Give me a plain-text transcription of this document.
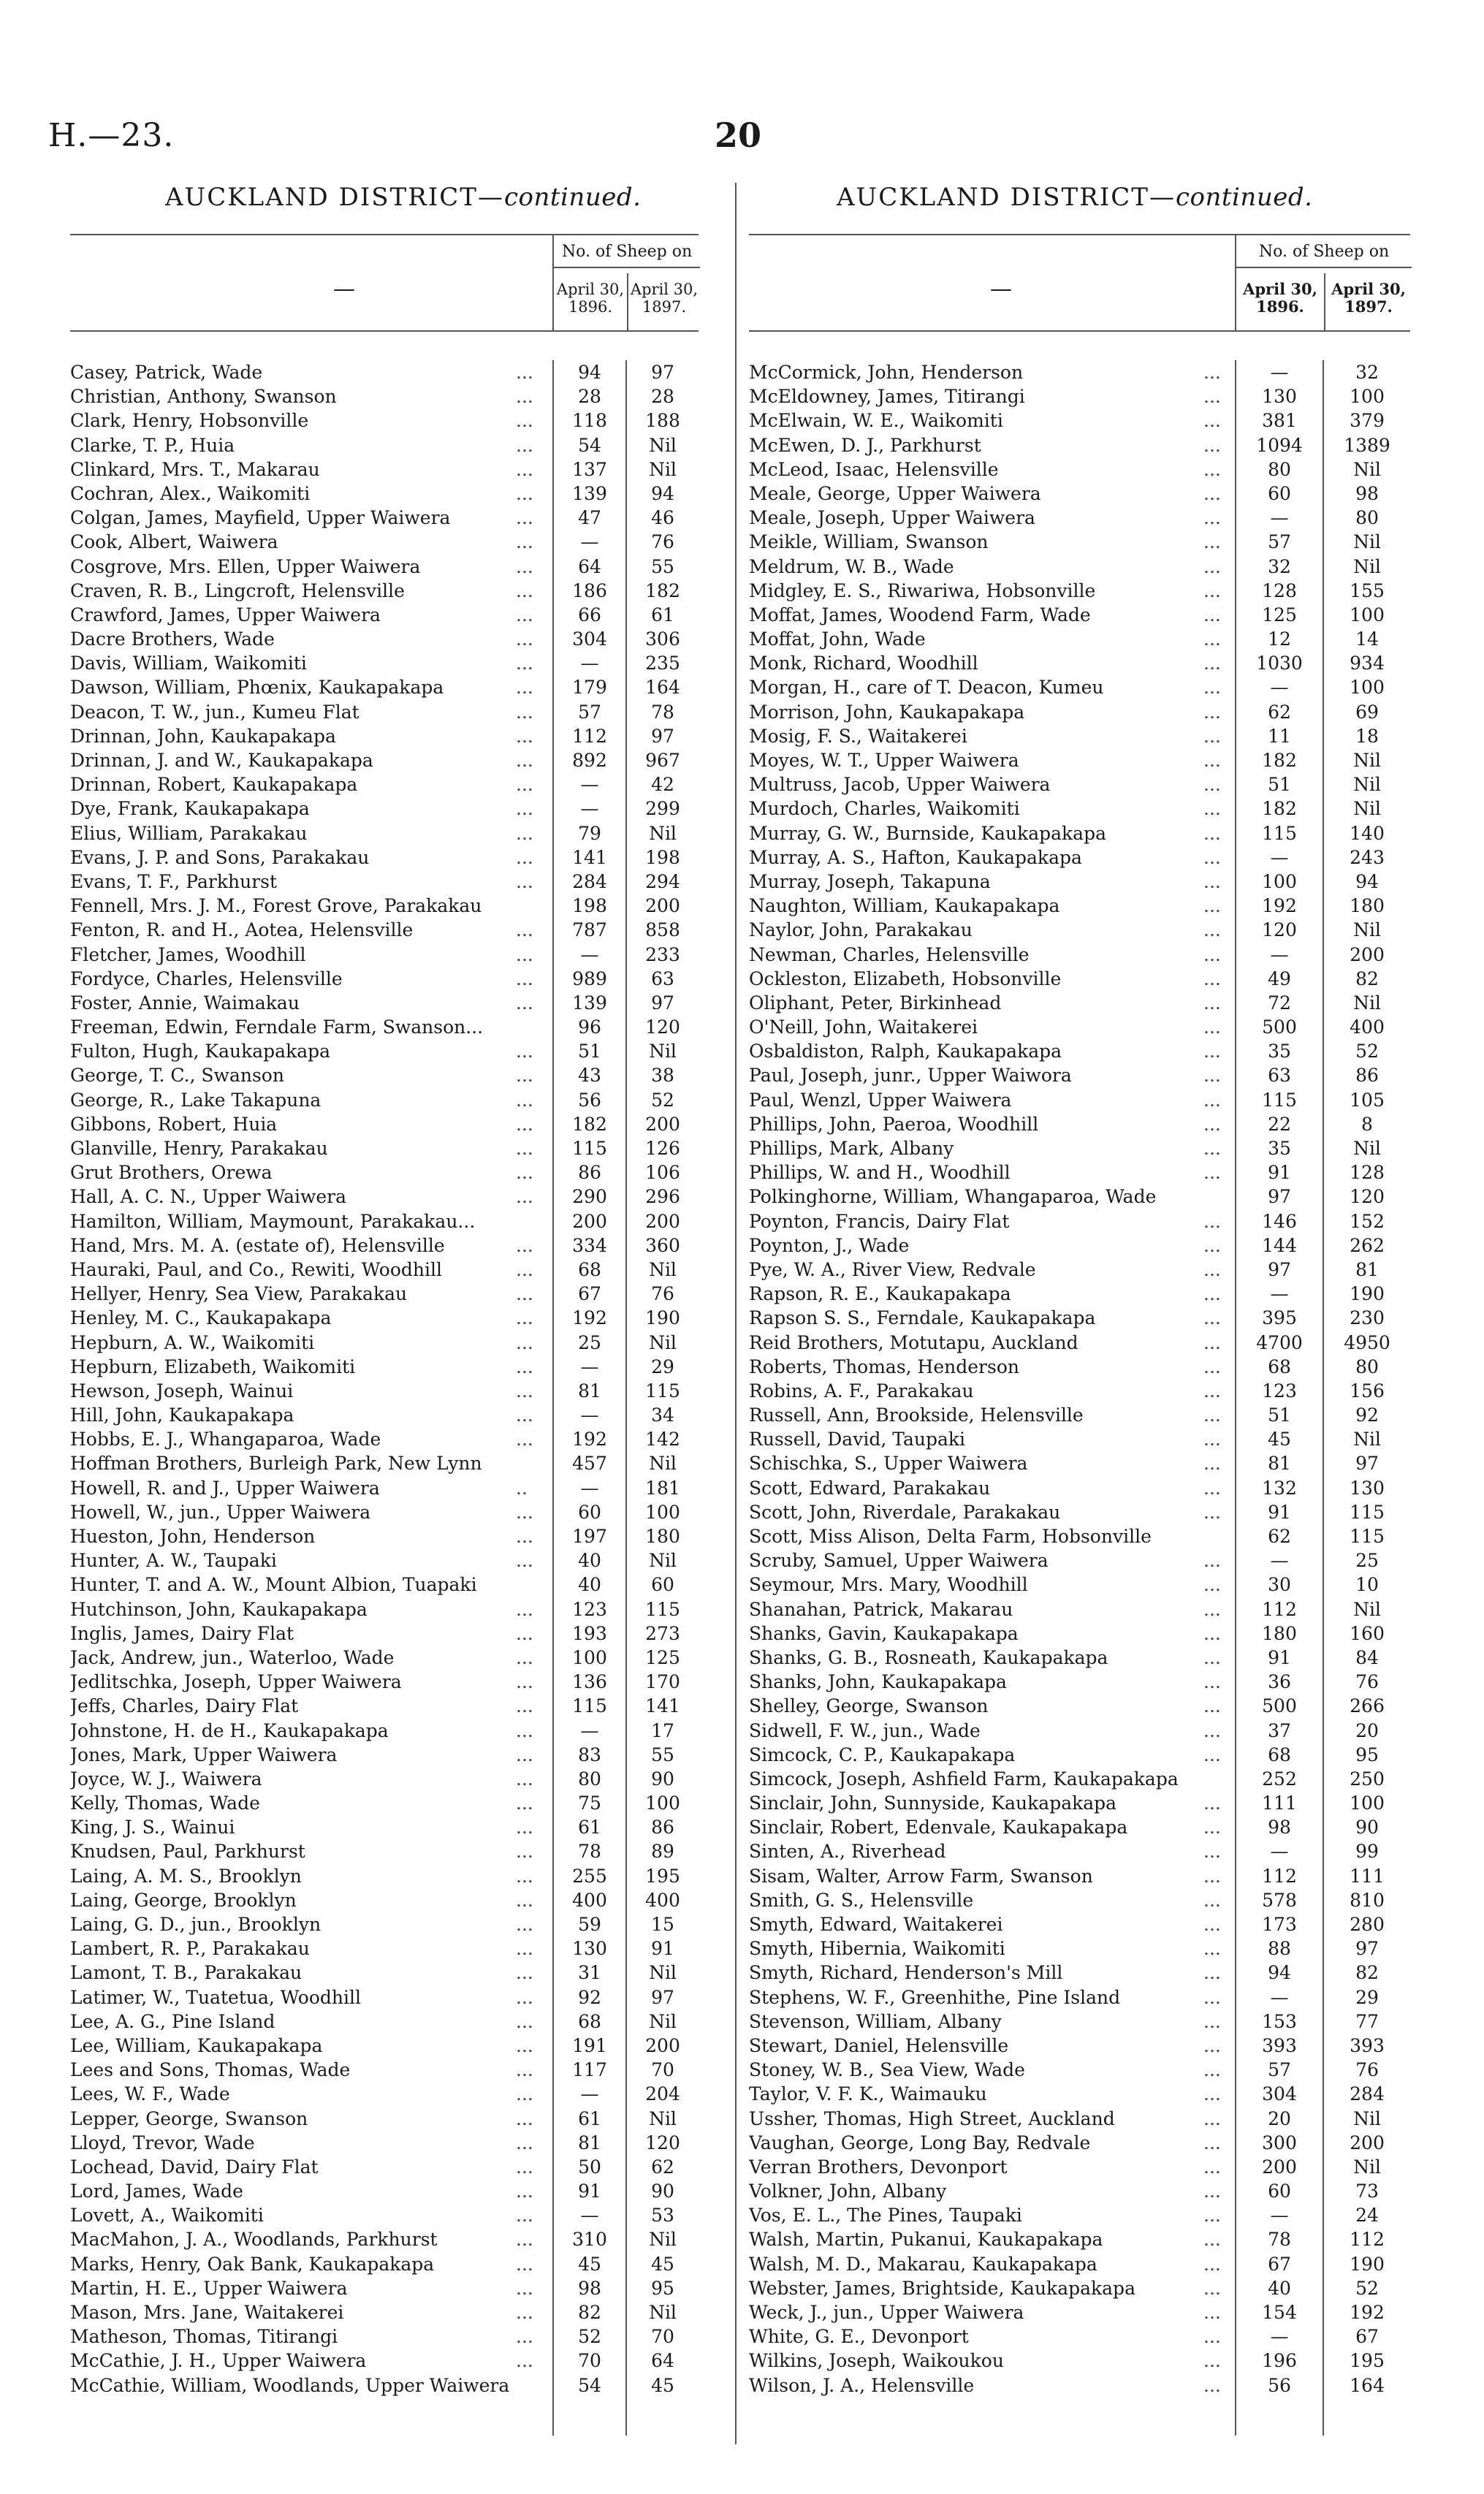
H.—23.	20
AUCKLAND DISTRICT—continued.
—
No. of Sheep on
April 30,
1896.
April 30,
1897.
Casey, Patrick, Wade	...	94	97
Christian, Anthony, Swanson	...	28	28
Clark, Henry, Hobsonville	...	118	188
Clarke, T. P., Huia	...	54	Nil
Clinkard, Mrs. T., Makarau	...	137	Nil
Cochran, Alex., Waikomiti	...	139	94
Colgan, James, Mayfield, Upper Waiwera	...	47	46
Cook, Albert, Waiwera	...	—	76
Cosgrove, Mrs. Ellen, Upper Waiwera	...	64	55
Craven, R. B., Lingcroft, Helensville	...	186	182
Crawford, James, Upper Waiwera	...	66	61
Dacre Brothers, Wade	...	304	306
Davis, William, Waikomiti	...	—	235
Dawson, William, Phœnix, Kaukapakapa	...	179	164
Deacon, T. W., jun., Kumeu Flat	...	57	78
Drinnan, John, Kaukapakapa	...	112	97
Drinnan, J. and W., Kaukapakapa	...	892	967
Drinnan, Robert, Kaukapakapa	...	—	42
Dye, Frank, Kaukapakapa	...	—	299
Elius, William, Parakakau	...	79	Nil
Evans, J. P. and Sons, Parakakau	...	141	198
Evans, T. F., Parkhurst	...	284	294
Fennell, Mrs. J. M., Forest Grove, Parakakau	198	200
Fenton, R. and H., Aotea, Helensville	...	787	858
Fletcher, James, Woodhill	...	—	233
Fordyce, Charles, Helensville	...	989	63
Foster, Annie, Waimakau	...	139	97
Freeman, Edwin, Ferndale Farm, Swanson...	96	120
Fulton, Hugh, Kaukapakapa	...	51	Nil
George, T. C., Swanson	...	43	38
George, R., Lake Takapuna	...	56	52
Gibbons, Robert, Huia	...	182	200
Glanville, Henry, Parakakau	...	115	126
Grut Brothers, Orewa	...	86	106
Hall, A. C. N., Upper Waiwera	...	290	296
Hamilton, William, Maymount, Parakakau...	200	200
Hand, Mrs. M. A. (estate of), Helensville	...	334	360
Hauraki, Paul, and Co., Rewiti, Woodhill	...	68	Nil
Hellyer, Henry, Sea View, Parakakau	...	67	76
Henley, M. C., Kaukapakapa	...	192	190
Hepburn, A. W., Waikomiti	...	25	Nil
Hepburn, Elizabeth, Waikomiti	...	—	29
Hewson, Joseph, Wainui	...	81	115
Hill, John, Kaukapakapa	...	—	34
Hobbs, E. J., Whangaparoa, Wade	...	192	142
Hoffman Brothers, Burleigh Park, New Lynn	457	Nil
Howell, R. and J., Upper Waiwera	..	—	181
Howell, W., jun., Upper Waiwera	...	60	100
Hueston, John, Henderson	...	197	180
Hunter, A. W., Taupaki	...	40	Nil
Hunter, T. and A. W., Mount Albion, Tuapaki	40	60
Hutchinson, John, Kaukapakapa	...	123	115
Inglis, James, Dairy Flat	...	193	273
Jack, Andrew, jun., Waterloo, Wade	...	100	125
Jedlitschka, Joseph, Upper Waiwera	...	136	170
Jeffs, Charles, Dairy Flat	...	115	141
Johnstone, H. de H., Kaukapakapa	...	—	17
Jones, Mark, Upper Waiwera	...	83	55
Joyce, W. J., Waiwera	...	80	90
Kelly, Thomas, Wade	...	75	100
King, J. S., Wainui	...	61	86
Knudsen, Paul, Parkhurst	...	78	89
Laing, A. M. S., Brooklyn	...	255	195
Laing, George, Brooklyn	...	400	400
Laing, G. D., jun., Brooklyn	...	59	15
Lambert, R. P., Parakakau	...	130	91
Lamont, T. B., Parakakau	...	31	Nil
Latimer, W., Tuatetua, Woodhill	...	92	97
Lee, A. G., Pine Island	...	68	Nil
Lee, William, Kaukapakapa	...	191	200
Lees and Sons, Thomas, Wade	...	117	70
Lees, W. F., Wade	...	—	204
Lepper, George, Swanson	...	61	Nil
Lloyd, Trevor, Wade	...	81	120
Lochead, David, Dairy Flat	...	50	62
Lord, James, Wade	...	91	90
Lovett, A., Waikomiti	...	—	53
MacMahon, J. A., Woodlands, Parkhurst	...	310	Nil
Marks, Henry, Oak Bank, Kaukapakapa	...	45	45
Martin, H. E., Upper Waiwera	...	98	95
Mason, Mrs. Jane, Waitakerei	...	82	Nil
Matheson, Thomas, Titirangi	...	52	70
McCathie, J. H., Upper Waiwera	...	70	64
McCathie, William, Woodlands, Upper Waiwera	54	45
AUCKLAND DISTRICT—continued.
—
No. of Sheep on
April 30,
1896.
April 30,
1897.
McCormick, John, Henderson	...	—	32
McEldowney, James, Titirangi	...	130	100
McElwain, W. E., Waikomiti	...	381	379
McEwen, D. J., Parkhurst	...	1094	1389
McLeod, Isaac, Helensville	...	80	Nil
Meale, George, Upper Waiwera	...	60	98
Meale, Joseph, Upper Waiwera	...	—	80
Meikle, William, Swanson	...	57	Nil
Meldrum, W. B., Wade	...	32	Nil
Midgley, E. S., Riwariwa, Hobsonville	...	128	155
Moffat, James, Woodend Farm, Wade	...	125	100
Moffat, John, Wade	...	12	14
Monk, Richard, Woodhill	...	1030	934
Morgan, H., care of T. Deacon, Kumeu	...	—	100
Morrison, John, Kaukapakapa	...	62	69
Mosig, F. S., Waitakerei	...	11	18
Moyes, W. T., Upper Waiwera	...	182	Nil
Multruss, Jacob, Upper Waiwera	...	51	Nil
Murdoch, Charles, Waikomiti	...	182	Nil
Murray, G. W., Burnside, Kaukapakapa	...	115	140
Murray, A. S., Hafton, Kaukapakapa	...	—	243
Murray, Joseph, Takapuna	...	100	94
Naughton, William, Kaukapakapa	...	192	180
Naylor, John, Parakakau	...	120	Nil
Newman, Charles, Helensville	...	—	200
Ockleston, Elizabeth, Hobsonville	...	49	82
Oliphant, Peter, Birkinhead	...	72	Nil
O'Neill, John, Waitakerei	...	500	400
Osbaldiston, Ralph, Kaukapakapa	...	35	52
Paul, Joseph, junr., Upper Waiwora	...	63	86
Paul, Wenzl, Upper Waiwera	...	115	105
Phillips, John, Paeroa, Woodhill	...	22	8
Phillips, Mark, Albany	...	35	Nil
Phillips, W. and H., Woodhill	...	91	128
Polkinghorne, William, Whangaparoa, Wade	97	120
Poynton, Francis, Dairy Flat	...	146	152
Poynton, J., Wade	...	144	262
Pye, W. A., River View, Redvale	...	97	81
Rapson, R. E., Kaukapakapa	...	—	190
Rapson S. S., Ferndale, Kaukapakapa	...	395	230
Reid Brothers, Motutapu, Auckland	...	4700	4950
Roberts, Thomas, Henderson	...	68	80
Robins, A. F., Parakakau	...	123	156
Russell, Ann, Brookside, Helensville	...	51	92
Russell, David, Taupaki	...	45	Nil
Schischka, S., Upper Waiwera	...	81	97
Scott, Edward, Parakakau	...	132	130
Scott, John, Riverdale, Parakakau	...	91	115
Scott, Miss Alison, Delta Farm, Hobsonville	62	115
Scruby, Samuel, Upper Waiwera	...	—	25
Seymour, Mrs. Mary, Woodhill	...	30	10
Shanahan, Patrick, Makarau	...	112	Nil
Shanks, Gavin, Kaukapakapa	...	180	160
Shanks, G. B., Rosneath, Kaukapakapa	...	91	84
Shanks, John, Kaukapakapa	...	36	76
Shelley, George, Swanson	...	500	266
Sidwell, F. W., jun., Wade	...	37	20
Simcock, C. P., Kaukapakapa	...	68	95
Simcock, Joseph, Ashfield Farm, Kaukapakapa	252	250
Sinclair, John, Sunnyside, Kaukapakapa	...	111	100
Sinclair, Robert, Edenvale, Kaukapakapa	...	98	90
Sinten, A., Riverhead	...	—	99
Sisam, Walter, Arrow Farm, Swanson	...	112	111
Smith, G. S., Helensville	...	578	810
Smyth, Edward, Waitakerei	...	173	280
Smyth, Hibernia, Waikomiti	...	88	97
Smyth, Richard, Henderson's Mill	...	94	82
Stephens, W. F., Greenhithe, Pine Island	...	—	29
Stevenson, William, Albany	...	153	77
Stewart, Daniel, Helensville	...	393	393
Stoney, W. B., Sea View, Wade	...	57	76
Taylor, V. F. K., Waimauku	...	304	284
Ussher, Thomas, High Street, Auckland	...	20	Nil
Vaughan, George, Long Bay, Redvale	...	300	200
Verran Brothers, Devonport	...	200	Nil
Volkner, John, Albany	...	60	73
Vos, E. L., The Pines, Taupaki	...	—	24
Walsh, Martin, Pukanui, Kaukapakapa	...	78	112
Walsh, M. D., Makarau, Kaukapakapa	...	67	190
Webster, James, Brightside, Kaukapakapa	...	40	52
Weck, J., jun., Upper Waiwera	...	154	192
White, G. E., Devonport	...	—	67
Wilkins, Joseph, Waikoukou	...	196	195
Wilson, J. A., Helensville	...	56	164
